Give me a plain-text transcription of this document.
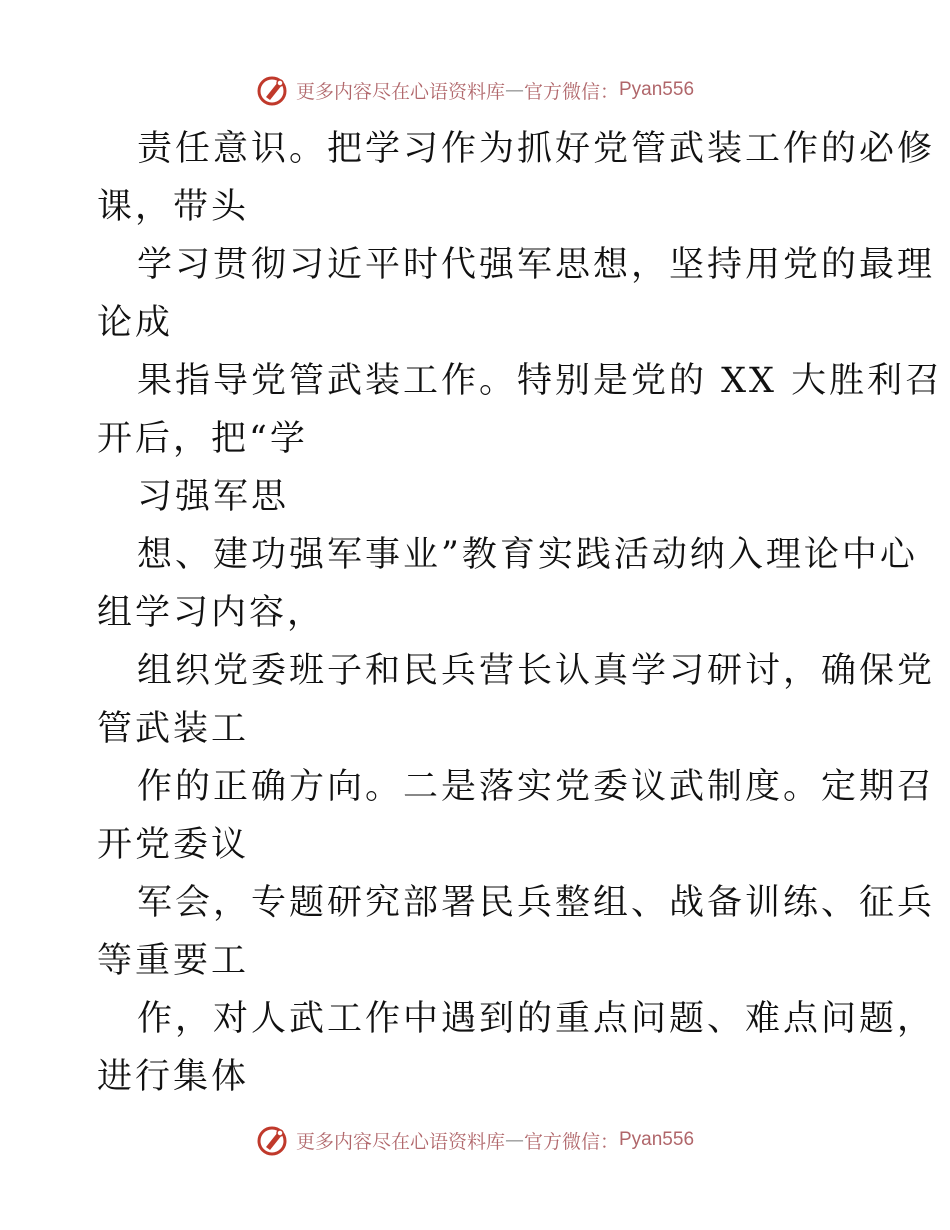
更多内容尽在心语资料库 — 官方微信： Pyan556
责任意识。把学习作为抓好党管武装工作的必修
课，带头
学习贯彻习近平时代强军思想，坚持用党的最理
论成
果指导党管武装工作。特别是党的 XX 大胜利召
开后，把“学
习强军思
想、建功强军事业”教育实践活动纳入理论中心
组学习内容，
组织党委班子和民兵营长认真学习研讨，确保党
管武装工
作的正确方向。二是落实党委议武制度。定期召
开党委议
军会，专题研究部署民兵整组、战备训练、征兵
等重要工
作，对人武工作中遇到的重点问题、难点问题，
进行集体
更多内容尽在心语资料库 — 官方微信： Pyan556
